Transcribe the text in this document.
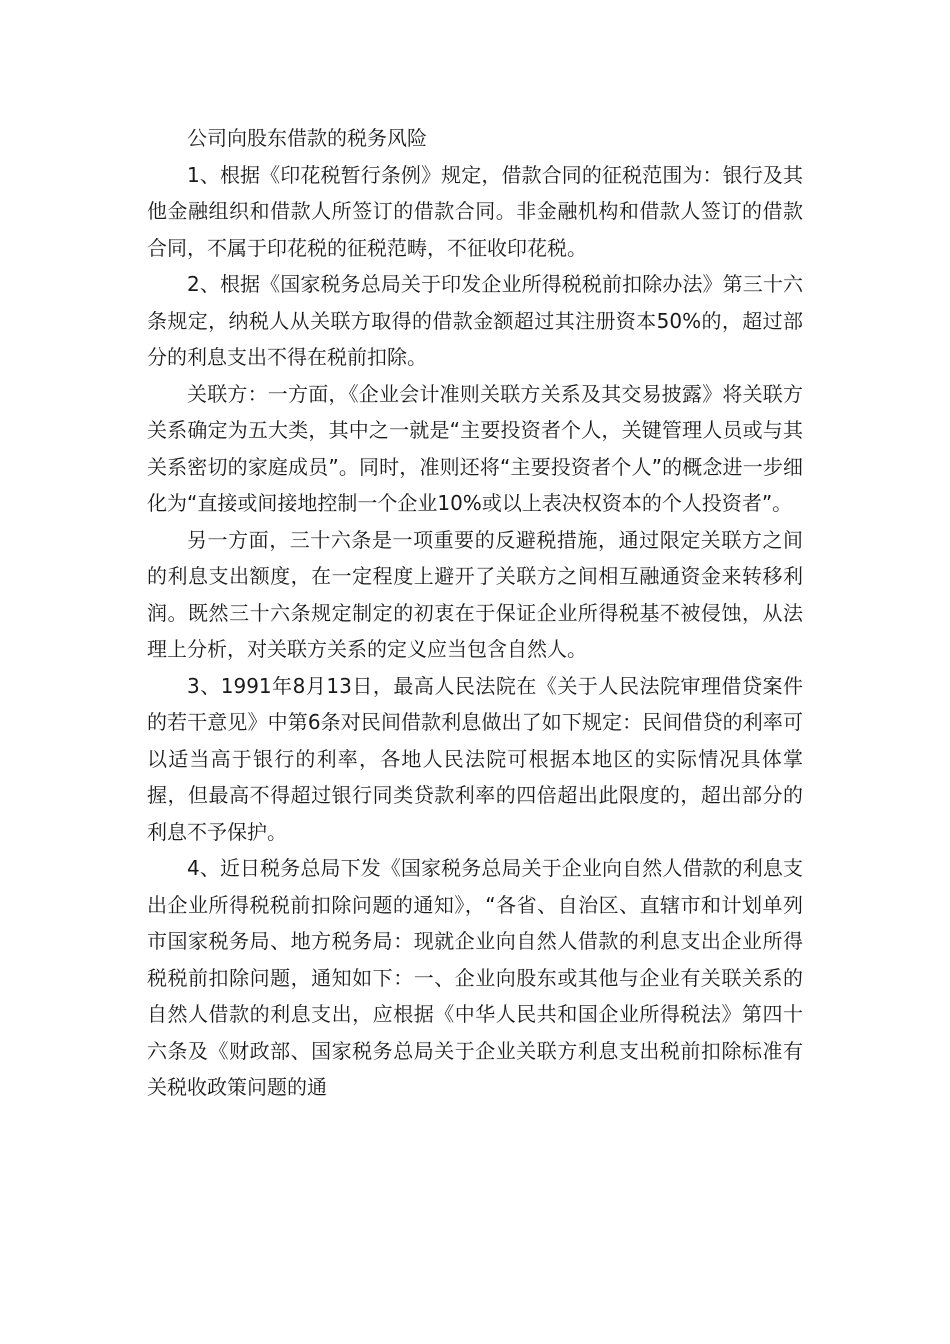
公司向股东借款的税务风险

1、根据《印花税暂行条例》规定，借款合同的征税范围为：银行及其他金融组织和借款人所签订的借款合同。非金融机构和借款人签订的借款合同，不属于印花税的征税范畴，不征收印花税。

2、根据《国家税务总局关于印发企业所得税税前扣除办法》第三十六条规定，纳税人从关联方取得的借款金额超过其注册资本50%的，超过部分的利息支出不得在税前扣除。

关联方：一方面，《企业会计准则关联方关系及其交易披露》将关联方关系确定为五大类，其中之一就是“主要投资者个人，关键管理人员或与其关系密切的家庭成员”。同时，准则还将“主要投资者个人”的概念进一步细化为“直接或间接地控制一个企业10%或以上表决权资本的个人投资者”。

另一方面，三十六条是一项重要的反避税措施，通过限定关联方之间的利息支出额度，在一定程度上避开了关联方之间相互融通资金来转移利润。既然三十六条规定制定的初衷在于保证企业所得税基不被侵蚀，从法理上分析，对关联方关系的定义应当包含自然人。

3、1991年8月13日，最高人民法院在《关于人民法院审理借贷案件的若干意见》中第6条对民间借款利息做出了如下规定：民间借贷的利率可以适当高于银行的利率，各地人民法院可根据本地区的实际情况具体掌握，但最高不得超过银行同类贷款利率的四倍超出此限度的，超出部分的利息不予保护。

4、近日税务总局下发《国家税务总局关于企业向自然人借款的利息支出企业所得税税前扣除问题的通知》，“各省、自治区、直辖市和计划单列市国家税务局、地方税务局：现就企业向自然人借款的利息支出企业所得税税前扣除问题，通知如下：一、企业向股东或其他与企业有关联关系的自然人借款的利息支出，应根据《中华人民共和国企业所得税法》第四十六条及《财政部、国家税务总局关于企业关联方利息支出税前扣除标准有关税收政策问题的通
